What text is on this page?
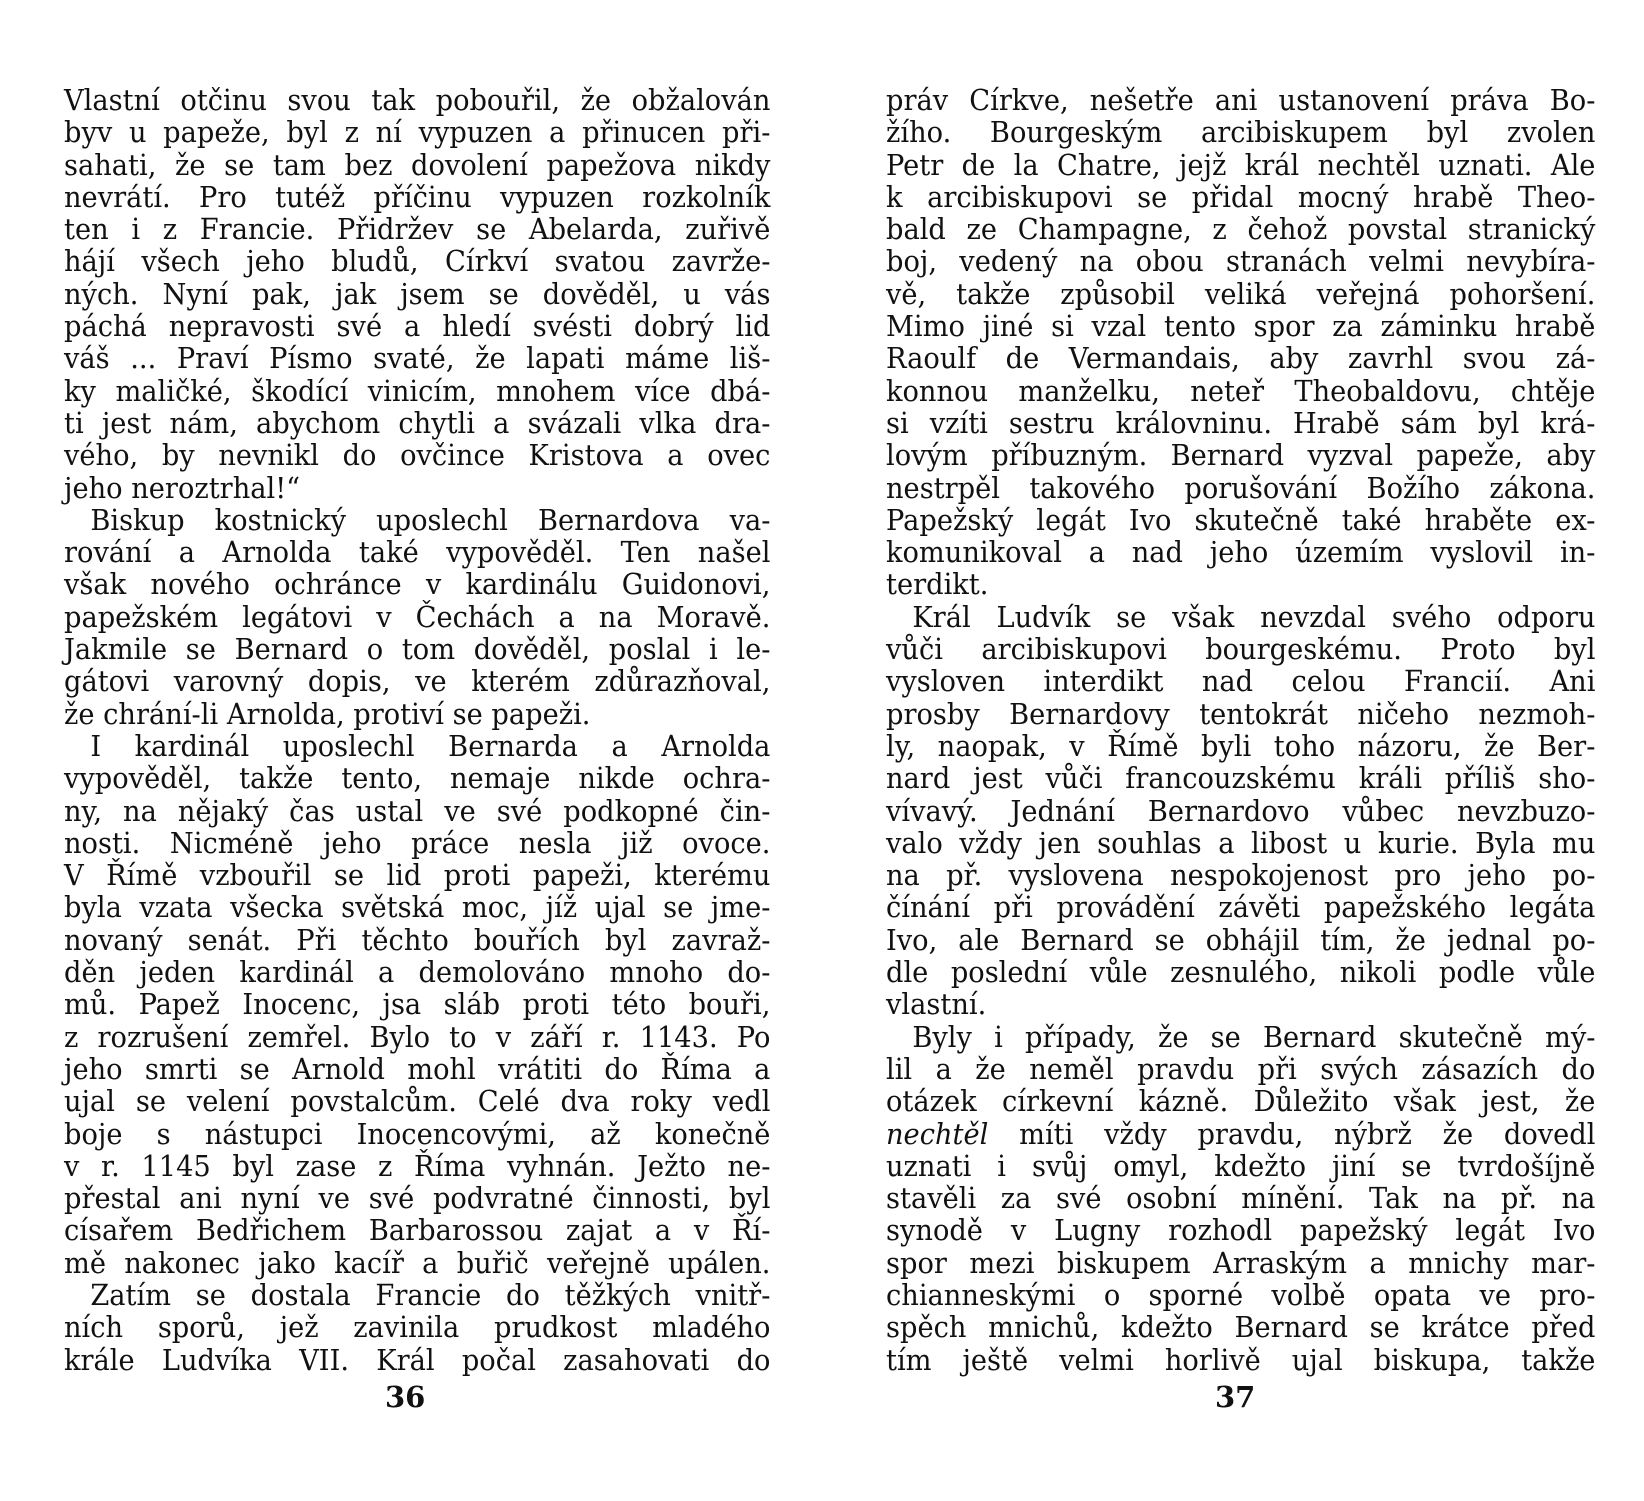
Vlastní otčinu svou tak pobouřil, že obžalován
byv u papeže, byl z ní vypuzen a přinucen při-
sahati, že se tam bez dovolení papežova nikdy
nevrátí. Pro tutéž příčinu vypuzen rozkolník
ten i z Francie. Přidržev se Abelarda, zuřivě
hájí všech jeho bludů, Církví svatou zavrže-
ných. Nyní pak, jak jsem se dověděl, u vás
páchá nepravosti své a hledí svésti dobrý lid
váš ... Praví Písmo svaté, že lapati máme liš-
ky maličké, škodící vinicím, mnohem více dbá-
ti jest nám, abychom chytli a svázali vlka dra-
vého, by nevnikl do ovčince Kristova a ovec
jeho neroztrhal!“
Biskup kostnický uposlechl Bernardova va-
rování a Arnolda také vypověděl. Ten našel
však nového ochránce v kardinálu Guidonovi,
papežském legátovi v Čechách a na Moravě.
Jakmile se Bernard o tom dověděl, poslal i le-
gátovi varovný dopis, ve kterém zdůrazňoval,
že chrání-li Arnolda, protiví se papeži.
I kardinál uposlechl Bernarda a Arnolda
vypověděl, takže tento, nemaje nikde ochra-
ny, na nějaký čas ustal ve své podkopné čin-
nosti. Nicméně jeho práce nesla již ovoce.
V Římě vzbouřil se lid proti papeži, kterému
byla vzata všecka světská moc, jíž ujal se jme-
novaný senát. Při těchto bouřích byl zavraž-
děn jeden kardinál a demolováno mnoho do-
mů. Papež Inocenc, jsa sláb proti této bouři,
z rozrušení zemřel. Bylo to v září r. 1143. Po
jeho smrti se Arnold mohl vrátiti do Říma a
ujal se velení povstalcům. Celé dva roky vedl
boje s nástupci Inocencovými, až konečně
v r. 1145 byl zase z Říma vyhnán. Ježto ne-
přestal ani nyní ve své podvratné činnosti, byl
císařem Bedřichem Barbarossou zajat a v Ří-
mě nakonec jako kacíř a buřič veřejně upálen.
Zatím se dostala Francie do těžkých vnitř-
ních sporů, jež zavinila prudkost mladého
krále Ludvíka VII. Král počal zasahovati do
práv Církve, nešetře ani ustanovení práva Bo-
žího. Bourgeským arcibiskupem byl zvolen
Petr de la Chatre, jejž král nechtěl uznati. Ale
k arcibiskupovi se přidal mocný hrabě Theo-
bald ze Champagne, z čehož povstal stranický
boj, vedený na obou stranách velmi nevybíra-
vě, takže způsobil veliká veřejná pohoršení.
Mimo jiné si vzal tento spor za záminku hrabě
Raoulf de Vermandais, aby zavrhl svou zá-
konnou manželku, neteř Theobaldovu, chtěje
si vzíti sestru královninu. Hrabě sám byl krá-
lovým příbuzným. Bernard vyzval papeže, aby
nestrpěl takového porušování Božího zákona.
Papežský legát Ivo skutečně také hraběte ex-
komunikoval a nad jeho územím vyslovil in-
terdikt.
Král Ludvík se však nevzdal svého odporu
vůči arcibiskupovi bourgeskému. Proto byl
vysloven interdikt nad celou Francií. Ani
prosby Bernardovy tentokrát ničeho nezmoh-
ly, naopak, v Římě byli toho názoru, že Ber-
nard jest vůči francouzskému králi příliš sho-
vívavý. Jednání Bernardovo vůbec nevzbuzo-
valo vždy jen souhlas a libost u kurie. Byla mu
na př. vyslovena nespokojenost pro jeho po-
čínání při provádění závěti papežského legáta
Ivo, ale Bernard se obhájil tím, že jednal po-
dle poslední vůle zesnulého, nikoli podle vůle
vlastní.
Byly i případy, že se Bernard skutečně mý-
lil a že neměl pravdu při svých zásazích do
otázek církevní kázně. Důležito však jest, že
nechtěl míti vždy pravdu, nýbrž že dovedl
uznati i svůj omyl, kdežto jiní se tvrdošíjně
stavěli za své osobní mínění. Tak na př. na
synodě v Lugny rozhodl papežský legát Ivo
spor mezi biskupem Arraským a mnichy mar-
chianneskými o sporné volbě opata ve pro-
spěch mnichů, kdežto Bernard se krátce před
tím ještě velmi horlivě ujal biskupa, takže
36	37
